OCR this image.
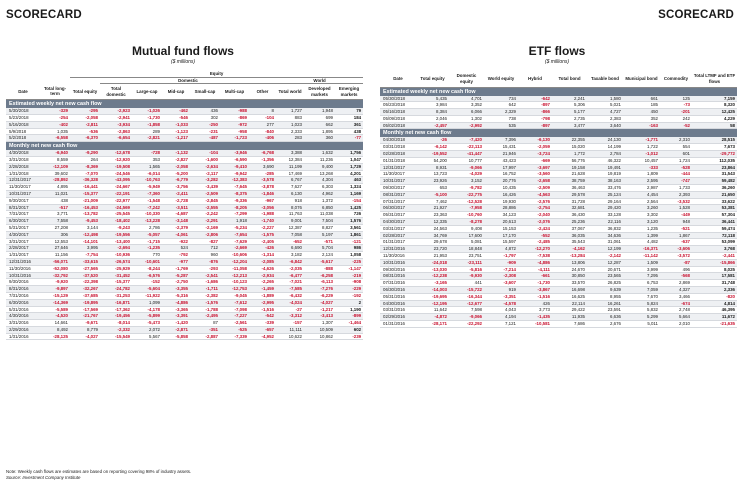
SCORECARD
Mutual fund flows
($ millions)
		Equity									
			Domestic						World		
Date	Total long-term	Total equity	Total domestic	Large-cap	Mid-cap	Small-cap	Multi-cap	Other	Total world	Developed markets	Emerging markets
Estimated weekly net new cash flow											
5/30/2018	-329	-295	-2,923	-1,026	-462	436	-988	8	1,727	1,948	79
5/23/2018	-254	-2,058	-2,941	-1,730	-546	302	-869	-104	883	699	184
5/16/2018	-402	-2,811	-3,934	-1,858	-1,033	-250	-972	277	1,023	662	361
5/9/2018	1,035	-536	-2,863	289	-1,123	-231	-958	-840	2,333	1,895	438
5/2/2018	-6,558	-6,370	-6,654	-2,821	-1,217	-487	-1,723	-406	283	360	-77
Monthly net new cash flow											
4/30/2018	-6,940	-9,290	-12,678	-728	-1,132	-104	-3,946	-6,768	3,388	1,632	1,756
3/31/2018	8,559	264	-12,920	353	-2,827	-1,600	-6,590	-1,356	12,384	11,236	1,047
2/28/2018	-12,109	-8,369	-19,508	1,565	-2,058	-2,634	-9,410	3,690	11,199	9,400	1,729
1/31/2018	39,602	-7,070	-24,546	-6,014	-5,200	-2,117	-9,942	-285	17,469	13,268	4,201
12/31/2017	-28,892	-36,328	-43,095	-10,763	-6,779	-3,282	-12,383	-3,578	6,767	4,304	463
11/30/2017	4,895	-16,441	-24,667	-5,949	-3,756	-3,439	-7,645	-3,878	7,627	6,303	1,324
10/31/2017	11,021	-15,377	-22,191	-7,360	-2,411	-2,509	-8,375	-1,846	6,130	4,962	1,169
9/30/2017	438	-21,009	-22,977	-1,548	-2,728	-2,845	-9,336	-967	918	1,372	-154
8/31/2017	-517	-16,453	-24,569	-7,242	-3,511	-2,555	-8,205	-3,056	8,076	6,850	1,425
7/31/2017	3,771	-13,782	-25,545	-10,330	-4,687	-2,242	-7,299	-1,988	11,763	11,038	726
6/30/2017	7,558	-9,453	-18,402	-13,228	-3,148	-2,291	1,918	-1,740	9,001	7,504	1,576
5/31/2017	27,208	3,144	-9,243	2,786	-2,379	-2,169	-5,234	-2,227	12,387	8,827	3,561
4/30/2017	306	-12,498	-19,556	-5,057	-4,061	-2,806	-7,654	-1,575	7,058	5,197	1,861
3/31/2017	12,553	-14,101	-13,400	-1,715	-922	-827	-7,629	-2,405	-652	-571	-121
2/28/2017	27,646	3,995	-2,694	-1,235	524	712	-2,669	-426	6,690	5,704	986
1/31/2017	11,156	-7,754	-10,936	770	-792	960	-10,606	-1,314	3,182	2,124	1,058
12/31/2016	-56,071	-33,615	-26,574	-10,601	-977	-876	-12,204	-2,085	-6,842	-5,617	-225
11/30/2016	-52,080	-27,565	-25,929	-8,244	-1,769	-293	-11,058	-4,626	-2,035	-888	-1,147
10/31/2016	-32,792	-37,520	-31,452	-6,576	-5,287	-2,541	-12,213	-2,934	-6,477	-6,258	-219
9/30/2016	-9,920	-22,398	-15,377	-152	-2,750	-1,686	-10,123	-2,265	-7,021	-6,113	-908
8/31/2016	-9,897	-32,267	-24,782	-5,604	-3,355	-1,711	-12,753	-1,459	-7,585	-7,276	-229
7/31/2016	-15,129	-37,685	-31,253	-11,922	-5,316	-2,382	-9,045	-1,889	-6,432	-6,229	-192
6/30/2016	-14,369	-19,895	-16,871	1,099	-4,886	-1,576	-7,612	-2,995	-4,024	-4,027	2
5/31/2016	-5,589	-17,569	-17,362	-4,178	-3,365	-1,788	-7,098	-1,516	-27	-1,217	1,190
4/30/2016	-4,520	-21,767	-19,456	-5,899	-3,391	-2,495	-7,227	-542	-3,312	-3,413	-899
3/31/2016	14,661	-9,671	-8,014	-5,473	-1,420	87	-2,561	-339	-157	1,307	-1,464
2/29/2016	8,492	8,779	-2,332	2,072	-2,871	-351	-525	-657	11,111	10,509	602
1/31/2016	-28,125	-4,027	-15,549	5,567	-5,858	-2,887	-7,339	-4,952	10,622	10,862	-239
Note: Weekly cash flows are estimates are based on reporting covering 98% of industry assets.
Source: Investment Company Institute
SCORECARD
ETF flows
($ millions)
Date	Total equity	Domestic equity	World equity	Hybrid	Total bond	Taxable bond	Municipal bond	Commodity	Total LTMF and ETF flows
Estimated weekly net new cash flow									
05/30/2018	5,435	4,701	734	-642	2,241	1,580	661	125	7,159
05/23/2018	3,984	3,352	642	-897	5,306	5,021	185	-73	8,320
05/16/2018	8,384	6,066	2,329	-866	5,177	4,727	450	-201	12,425
05/09/2018	2,046	1,302	738	-798	2,735	2,383	352	242	4,229
05/02/2018	-2,457	-2,992	535	-897	3,477	3,640	-163	-52	58
Monthly net new cash flow									
04/30/2018	-26	-7,420	7,396	-6,130	22,355	24,130	-1,771	2,310	28,515
03/31/2018	-6,142	-22,113	15,431	-2,059	15,020	14,199	1,722	554	7,673
02/28/2018	-19,552	-41,447	21,946	-3,724	1,772	2,784	-1,012	601	-29,772
01/31/2018	54,200	10,777	43,423	-669	56,776	46,322	10,457	1,724	112,035
12/31/2017	8,931	-9,066	17,997	-3,697	19,158	19,491	-333	-528	23,864
11/30/2017	13,723	-4,029	16,752	-3,560	21,628	19,819	1,809	-444	31,543
10/31/2017	23,926	3,152	20,776	-2,658	38,759	38,163	2,595	-747	59,482
09/30/2017	653	-9,782	10,435	-2,509	36,463	33,476	2,987	1,733	36,260
08/31/2017	-5,100	-22,775	16,426	-4,563	29,578	25,124	4,454	2,393	21,650
07/31/2017	7,462	-12,528	19,930	-2,576	31,728	29,164	2,564	-3,532	33,622
06/30/2017	21,927	-7,958	28,886	-2,754	32,681	29,420	3,260	1,528	53,381
05/31/2017	23,363	-10,760	34,123	-2,040	36,430	33,128	3,302	-449	57,304
04/30/2017	12,335	-8,278	20,613	-2,076	25,236	22,116	3,120	948	36,441
03/31/2017	24,563	9,408	15,153	-2,424	37,067	36,832	1,235	-521	59,474
02/28/2017	34,769	17,600	17,170	-552	36,035	34,636	1,399	1,867	72,118
01/31/2017	29,678	5,081	15,597	-2,485	35,543	31,061	4,482	-637	53,099
12/31/2016	23,720	18,848	4,872	-12,270	-4,162	12,199	-16,371	-3,606	3,768
11/30/2016	21,953	23,751	-1,797	-7,538	-13,284	-2,142	-11,142	-3,572	-2,441
10/31/2016	-24,018	-23,111	-909	-4,886	13,806	12,287	1,509	-87	-15,866
09/30/2016	-13,030	-5,816	-7,214	-4,111	24,670	20,671	3,999	496	8,025
08/31/2016	-12,238	-9,930	-2,308	-661	30,850	23,565	7,295	-568	17,581
07/31/2016	-3,165	441	-3,607	-1,730	33,570	26,825	6,753	2,869	31,748
06/30/2016	-14,003	-15,722	919	-3,867	16,698	9,639	7,059	4,327	2,336
05/31/2016	-19,695	-16,344	-3,351	-1,516	16,625	8,955	7,670	3,466	-820
04/30/2016	-12,195	-12,677	-4,578	426	22,114	16,261	5,824	-674	4,814
03/31/2016	11,642	7,598	4,043	3,773	29,422	23,591	5,832	2,748	46,395
02/29/2016	-4,872	-9,066	4,194	-1,435	11,935	6,636	5,299	5,664	11,672
01/31/2016	-28,171	-22,292	7,121	-10,581	7,686	2,676	5,011	2,010	-21,635
